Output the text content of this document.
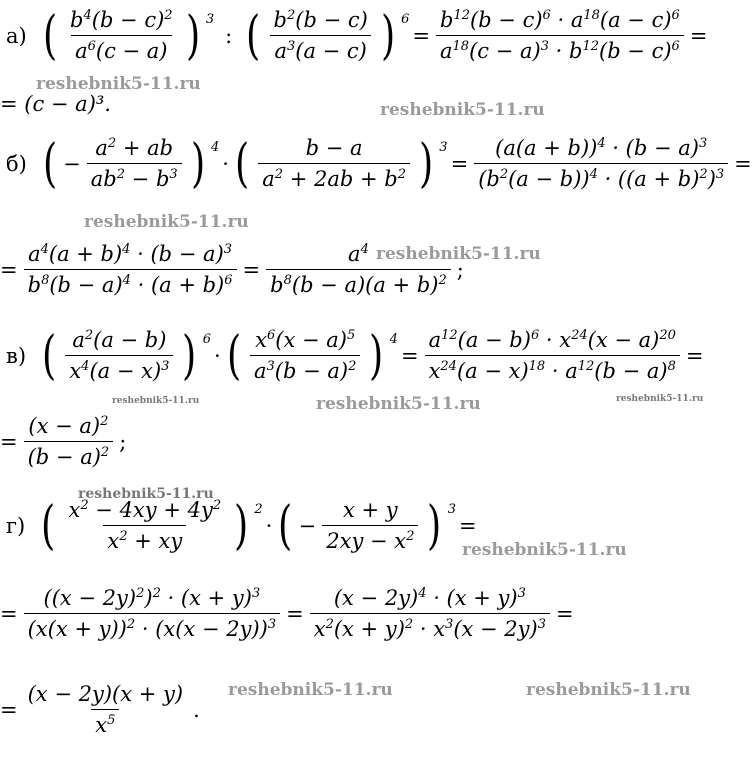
а) ( $\frac{b^4(b - c)^2}{a^6(c - a)}$ ) $^3$
: ( $\frac{b^2(b - c)}{a^3(a - c)}$ ) $^6$
= $\frac{b^{12}(b - c)^6 \cdot a^{18}(a - c)^6}{a^{18}(c - a)^3 \cdot b^{12}(b - c)^6}$ =
= (c − a)³.
б) ( − $\frac{a^2 + ab}{ab^2 - b^3}$ ) $^4$
· ( $\frac{b - a}{a^2 + 2ab + b^2}$ ) $^3$
= $\frac{(a(a + b))^4 \cdot (b - a)^3}{(b^2(a - b))^4 \cdot ((a + b)^2)^3}$ =
= $\frac{a^4(a + b)^4 \cdot (b - a)^3}{b^8(b - a)^4 \cdot (a + b)^6} = \frac{a^4}{b^8(b - a)(a + b)^2}$ ;
в) ( $\frac{a^2(a - b)}{x^4(a - x)^3}$ ) $^6$
· ( $\frac{x^6(x - a)^5}{a^3(b - a)^2}$ ) $^4$
= $\frac{a^{12}(a - b)^6 \cdot x^{24}(x - a)^{20}}{x^{24}(a - x)^{18} \cdot a^{12}(b - a)^8}$ =
= $\frac{(x - a)^2}{(b - a)^2}$ ;
г) ( $\frac{x^2 - 4xy + 4y^2}{x^2 + xy}$ ) $^2$
· ( − $\frac{x + y}{2xy - x^2}$ ) $^3$
=
= $\frac{((x - 2y)^2)^2 \cdot (x + y)^3}{(x(x + y))^2 \cdot (x(x - 2y))^3} = \frac{(x - 2y)^4 \cdot (x + y)^3}{x^2(x + y)^2 \cdot x^3(x - 2y)^3}$ =
= $\frac{(x - 2y)(x + y)}{x^5}$ .
reshebnik5-11.ru
reshebnik5-11.ru
reshebnik5-11.ru
reshebnik5-11.ru
reshebnik5-11.ru	reshebnik5-11.ru	reshebnik5-11.ru
reshebnik5-11.ru
reshebnik5-11.ru
reshebnik5-11.ru	reshebnik5-11.ru
